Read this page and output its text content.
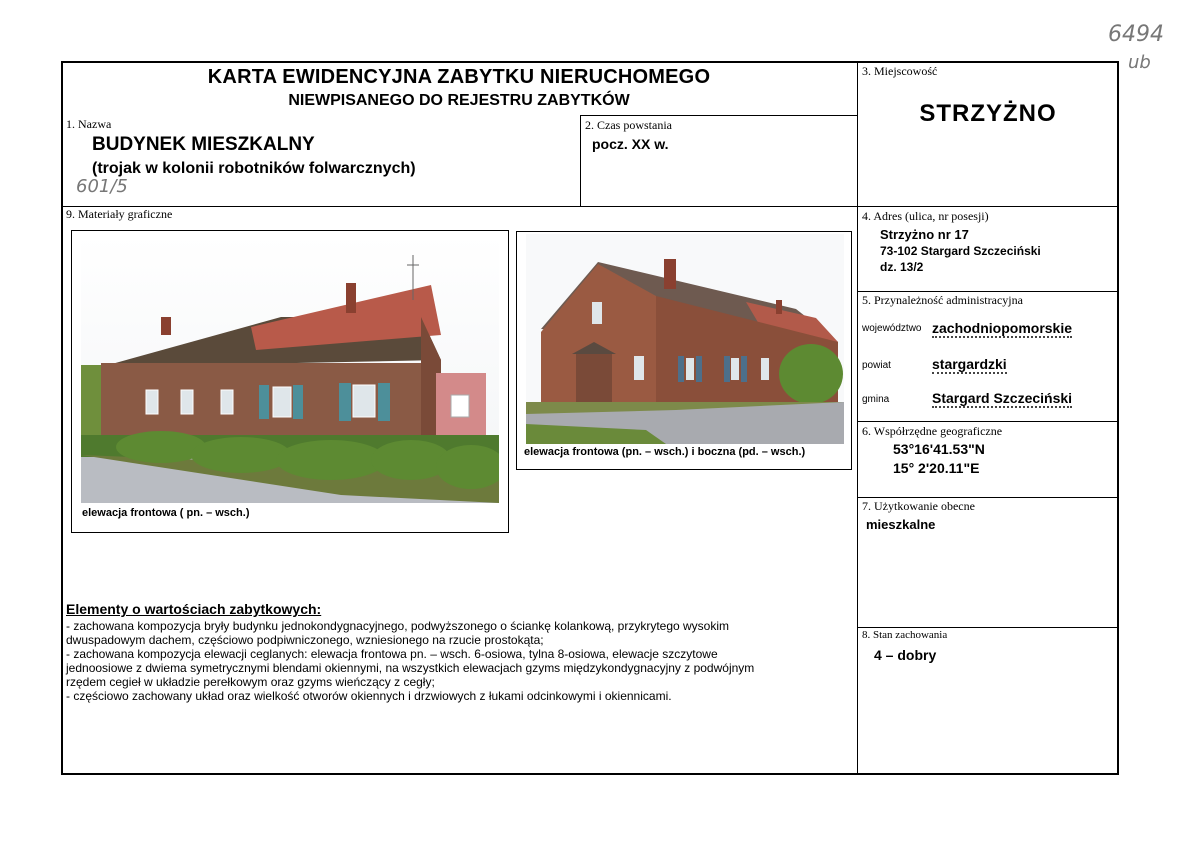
6494
ub
KARTA EWIDENCYJNA ZABYTKU NIERUCHOMEGO
NIEWPISANEGO DO REJESTRU ZABYTKÓW
1. Nazwa
BUDYNEK MIESZKALNY
(trojak w kolonii robotników folwarcznych)
601/5
2. Czas powstania
pocz. XX w.
3. Miejscowość
STRZYŻNO
4. Adres (ulica, nr posesji)
Strzyżno nr 17
73-102 Stargard Szczeciński
dz. 13/2
5. Przynależność administracyjna
województwo zachodniopomorskie
powiat	stargardzki
gmina	Stargard Szczeciński
6. Współrzędne geograficzne
53°16'41.53"N
15° 2'20.11"E
7. Użytkowanie obecne
mieszkalne
8. Stan zachowania
4 – dobry
9. Materiały graficzne
elewacja frontowa ( pn. – wsch.)
elewacja frontowa (pn. – wsch.) i boczna (pd. – wsch.)
Elementy o wartościach zabytkowych:
- zachowana kompozycja bryły budynku jednokondygnacyjnego, podwyższonego o ściankę kolankową, przykrytego wysokim
dwuspadowym dachem, częściowo podpiwniczonego, wzniesionego na rzucie prostokąta;
- zachowana kompozycja elewacji ceglanych: elewacja frontowa pn. – wsch. 6-osiowa, tylna 8-osiowa, elewacje szczytowe
jednoosiowe z dwiema symetrycznymi blendami okiennymi, na wszystkich elewacjach gzyms międzykondygnacyjny z podwójnym
rzędem cegieł w układzie perełkowym oraz gzyms wieńczący z cegły;
- częściowo zachowany układ oraz wielkość otworów okiennych i drzwiowych z łukami odcinkowymi i okiennicami.
